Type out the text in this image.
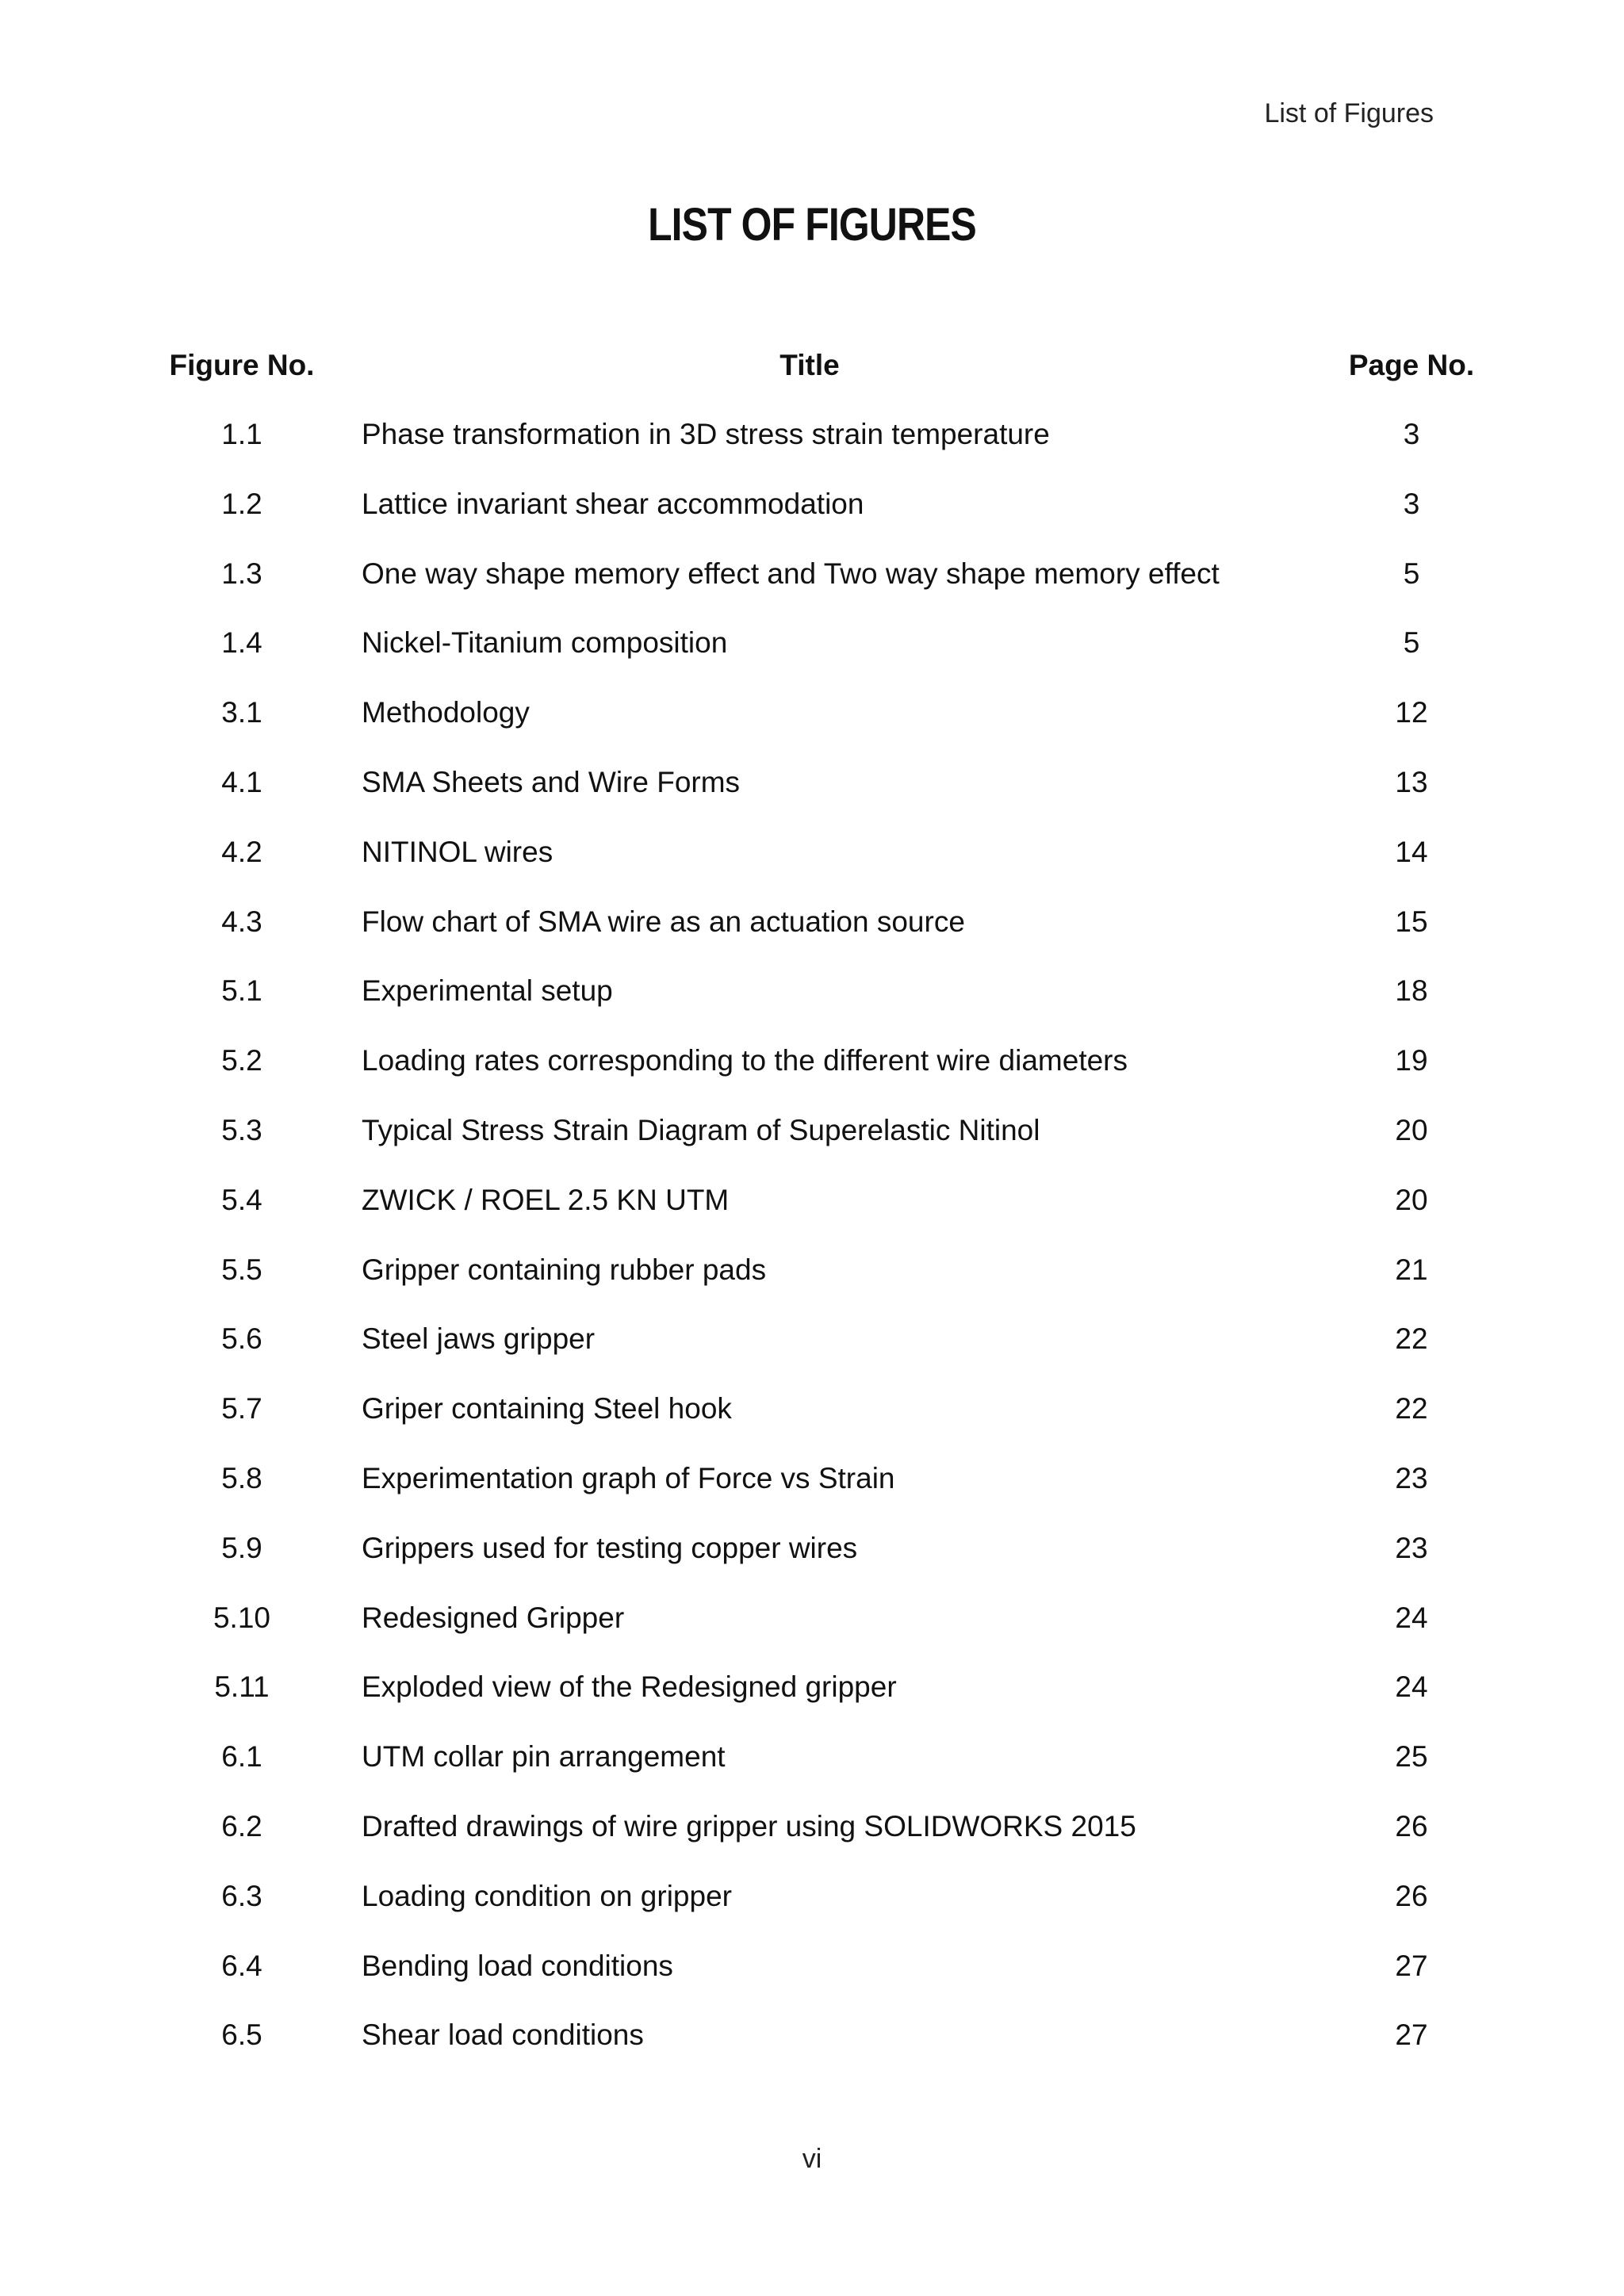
List of Figures
LIST OF FIGURES
Figure No.	Title	Page No.
1.1	Phase transformation in 3D stress strain temperature	3
1.2	Lattice invariant shear accommodation	3
1.3	One way shape memory effect and Two way shape memory effect	5
1.4	Nickel-Titanium composition	5
3.1	Methodology	12
4.1	SMA Sheets and Wire Forms	13
4.2	NITINOL wires	14
4.3	Flow chart of SMA wire as an actuation source	15
5.1	Experimental setup	18
5.2	Loading rates corresponding to the different wire diameters	19
5.3	Typical Stress Strain Diagram of Superelastic Nitinol	20
5.4	ZWICK / ROEL 2.5 KN UTM	20
5.5	Gripper containing rubber pads	21
5.6	Steel jaws gripper	22
5.7	Griper containing Steel hook	22
5.8	Experimentation graph of Force vs Strain	23
5.9	Grippers used for testing copper wires	23
5.10	Redesigned Gripper	24
5.11	Exploded view of the Redesigned gripper	24
6.1	UTM collar pin arrangement	25
6.2	Drafted drawings of wire gripper using SOLIDWORKS 2015	26
6.3	Loading condition on gripper	26
6.4	Bending load conditions	27
6.5	Shear load conditions	27
vi
